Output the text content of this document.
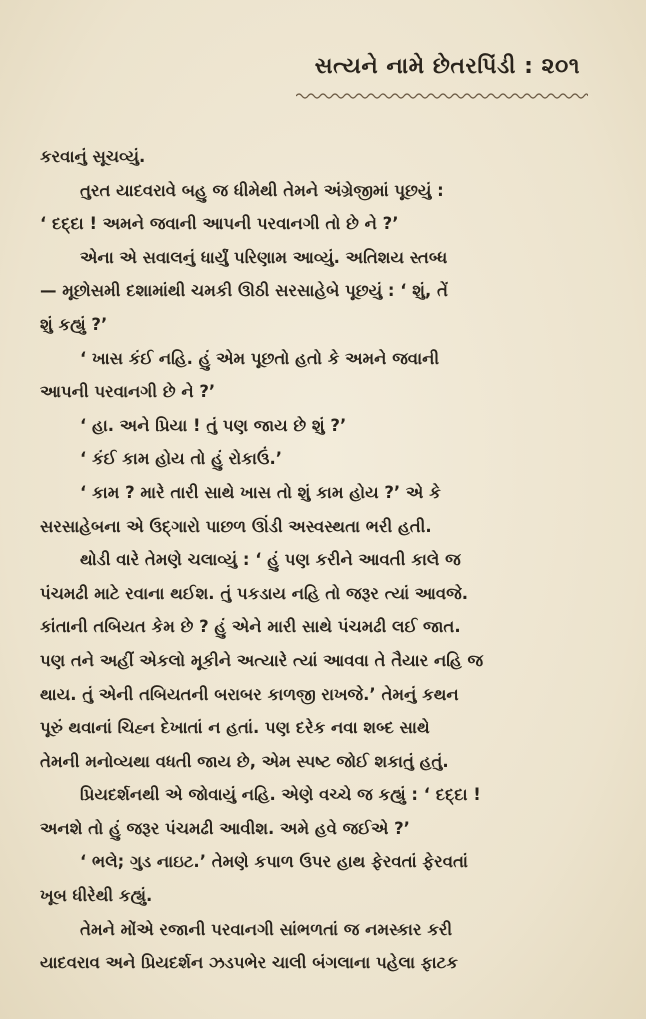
સત્યને નામે છેતરપિંડી : ૨૦૧
કરવાનું સૂચવ્યું.
તુરત યાદવરાવે બહુ જ ધીમેથી તેમને અંગ્રેજીમાં પૂછયું :
‘ દદ્દા ! અમને જવાની આપની પરવાનગી તો છે ને ?’
એના એ સવાલનું ધાર્યું પરિણામ આવ્યું. અતિશય સ્તબ્ધ
— મૂછોસમી દશામાંથી ચમકી ઊઠી સરસાહેબે પૂછયું : ‘ શું, તેં
શું કહ્યું ?’
‘ ખાસ કંઈ નહિ. હું એમ પૂછતો હતો કે અમને જવાની
આપની પરવાનગી છે ને ?’
‘ હા. અને પ્રિયા ! તું પણ જાય છે શું ?’
‘ કંઈ કામ હોય તો હું રોકાઉં.’
‘ કામ ? મારે તારી સાથે ખાસ તો શું કામ હોય ?’ એ કે
સરસાહેબના એ ઉદ્ગારો પાછળ ઊંડી અસ્વસ્થતા ભરી હતી.
થોડી વારે તેમણે ચલાવ્યું : ‘ હું પણ કરીને આવતી કાલે જ
પંચમઢી માટે રવાના થઈશ. તું પકડાય નહિ તો જરૂર ત્યાં આવજે.
કાંતાની તબિયત કેમ છે ? હું એને મારી સાથે પંચમઢી લઈ જાત.
પણ તને અહીં એકલો મૂકીને અત્યારે ત્યાં આવવા તે તૈયાર નહિ જ
થાય. તું એની તબિયતની બરાબર કાળજી રાખજે.’ તેમનું કથન
પૂરું થવાનાં ચિહ્ન દેખાતાં ન હતાં. પણ દરેક નવા શબ્દ સાથે
તેમની મનોવ્યથા વધતી જાય છે, એમ સ્પષ્ટ જોઈ શકાતું હતું.
પ્રિયદર્શનથી એ જોવાયું નહિ. એણે વચ્ચે જ કહ્યું : ‘ દદ્દા !
અનશે તો હું જરૂર પંચમઢી આવીશ. અમે હવે જઈએ ?’
‘ ભલે; ગુડ નાઇટ.’ તેમણે કપાળ ઉપર હાથ ફેરવતાં ફેરવતાં
ખૂબ ધીરેથી કહ્યું.
તેમને મોંએ રજાની પરવાનગી સાંભળતાં જ નમસ્કાર કરી
યાદવરાવ અને પ્રિયદર્શન ઝડપભેર ચાલી બંગલાના પહેલા ફાટક
